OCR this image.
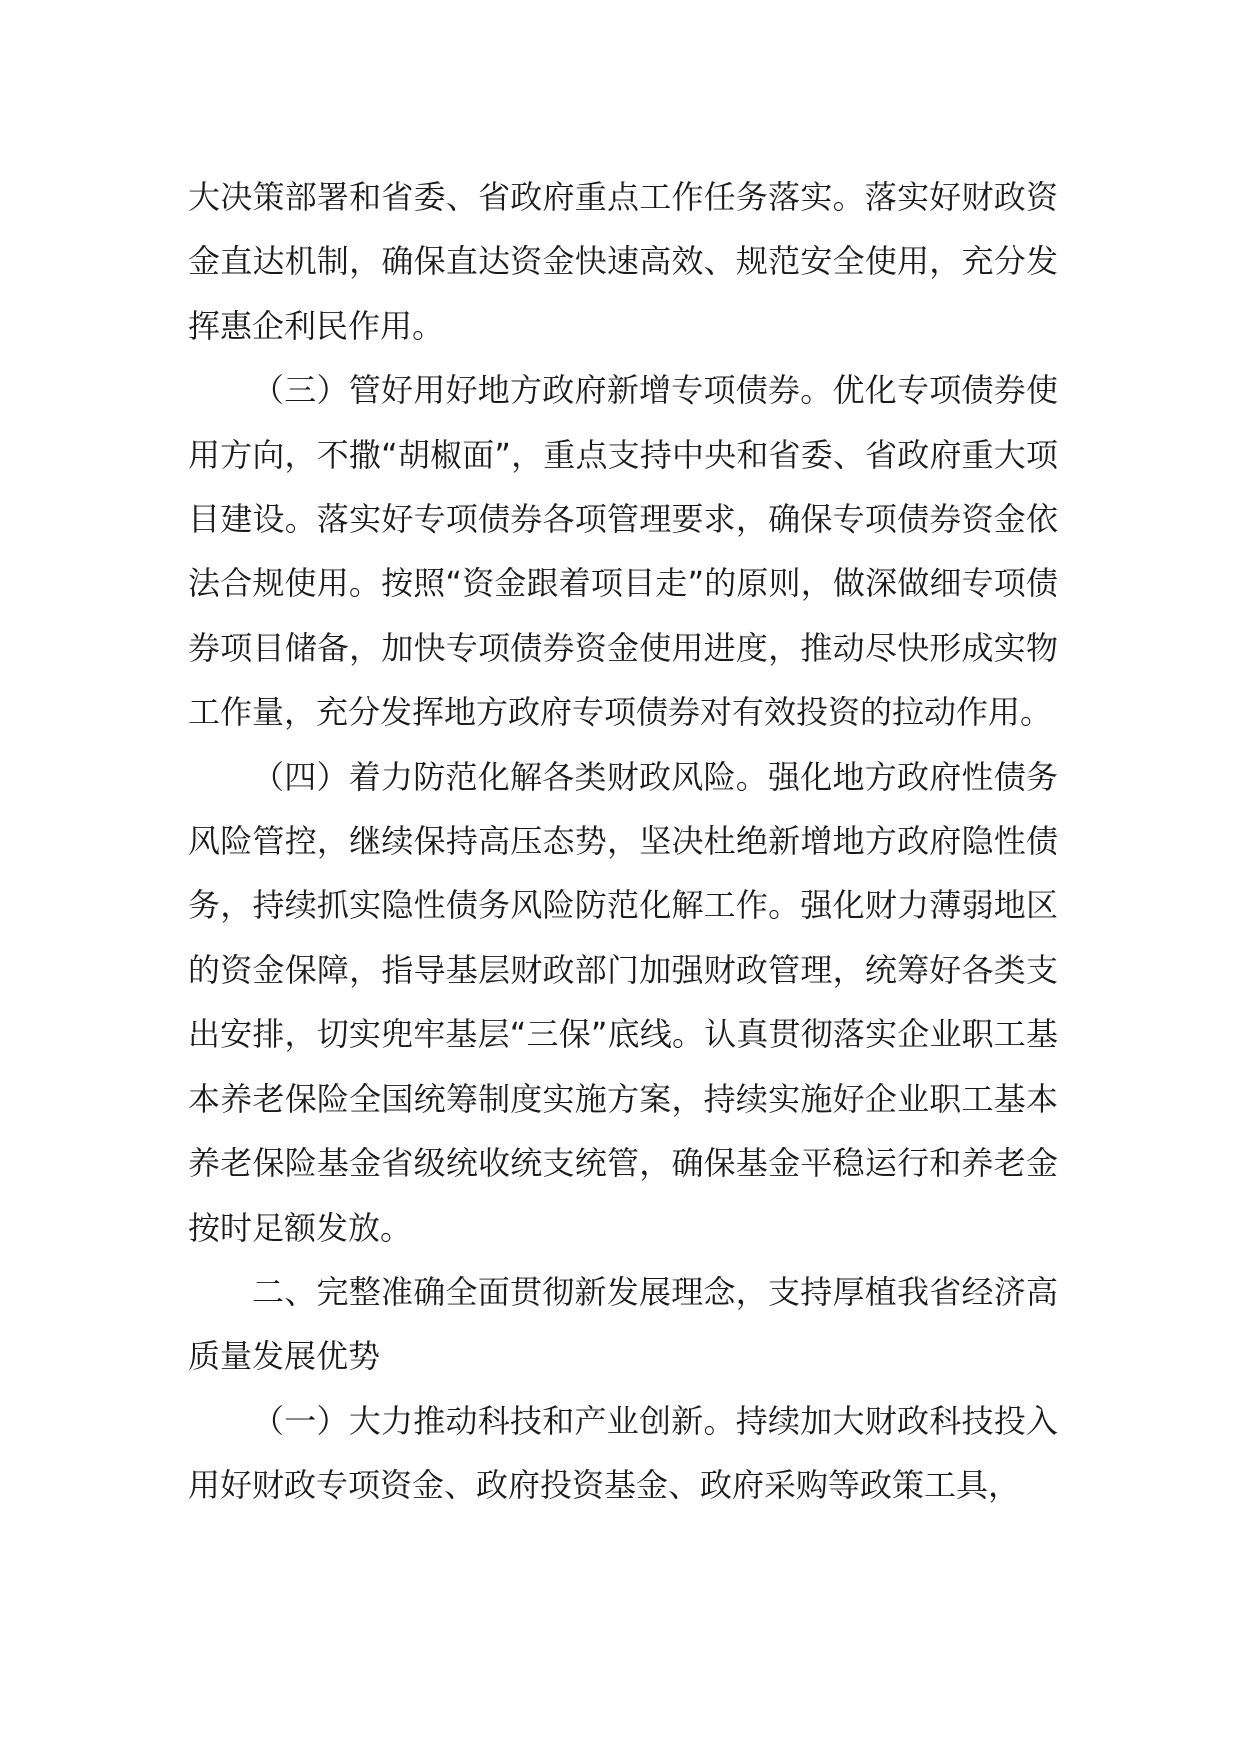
大决策部署和省委、省政府重点工作任务落实。落实好财政资金直达机制，确保直达资金快速高效、规范安全使用，充分发挥惠企利民作用。

（三）管好用好地方政府新增专项债券。优化专项债券使用方向，不撒“胡椒面”，重点支持中央和省委、省政府重大项目建设。落实好专项债券各项管理要求，确保专项债券资金依法合规使用。按照“资金跟着项目走”的原则，做深做细专项债券项目储备，加快专项债券资金使用进度，推动尽快形成实物工作量，充分发挥地方政府专项债券对有效投资的拉动作用。

（四）着力防范化解各类财政风险。强化地方政府性债务风险管控，继续保持高压态势，坚决杜绝新增地方政府隐性债务，持续抓实隐性债务风险防范化解工作。强化财力薄弱地区的资金保障，指导基层财政部门加强财政管理，统筹好各类支出安排，切实兜牢基层“三保”底线。认真贯彻落实企业职工基本养老保险全国统筹制度实施方案，持续实施好企业职工基本养老保险基金省级统收统支统管，确保基金平稳运行和养老金按时足额发放。

二、完整准确全面贯彻新发展理念，支持厚植我省经济高质量发展优势

（一）大力推动科技和产业创新。持续加大财政科技投入用好财政专项资金、政府投资基金、政府采购等政策工具，
